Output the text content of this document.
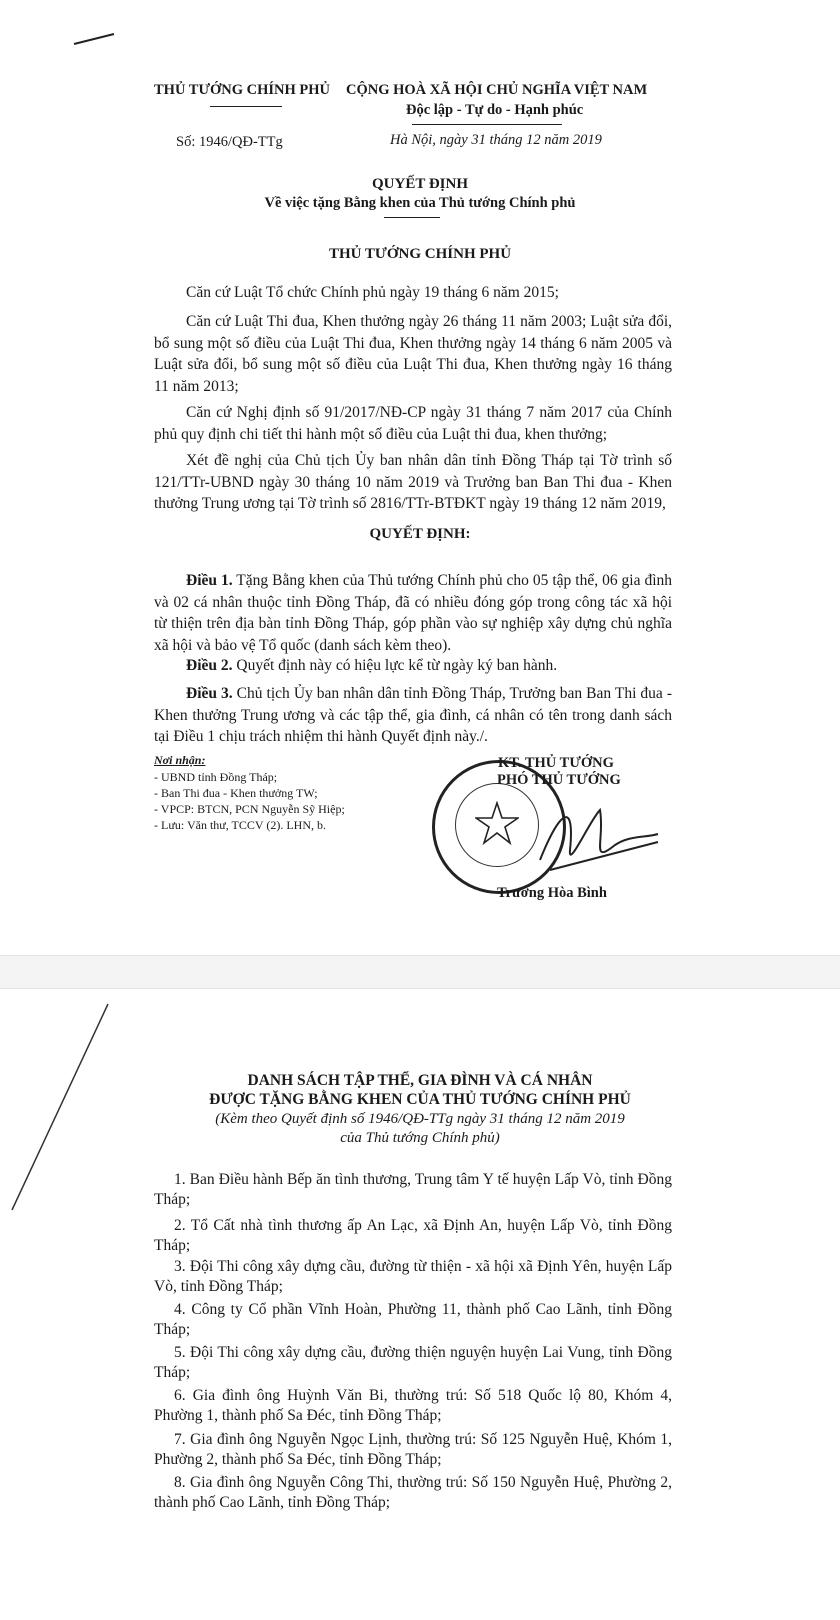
THỦ TƯỚNG CHÍNH PHỦ CỘNG HOÀ XÃ HỘI CHỦ NGHĨA VIỆT NAM
Độc lập - Tự do - Hạnh phúc
Số: 1946/QĐ-TTg	Hà Nội, ngày 31 tháng 12 năm 2019
QUYẾT ĐỊNH
Về việc tặng Bằng khen của Thủ tướng Chính phủ
THỦ TƯỚNG CHÍNH PHỦ
Căn cứ Luật Tổ chức Chính phủ ngày 19 tháng 6 năm 2015;
Căn cứ Luật Thi đua, Khen thưởng ngày 26 tháng 11 năm 2003; Luật sửa đổi, bổ sung một số điều của Luật Thi đua, Khen thưởng ngày 14 tháng 6 năm 2005 và Luật sửa đổi, bổ sung một số điều của Luật Thi đua, Khen thưởng ngày 16 tháng 11 năm 2013;
Căn cứ Nghị định số 91/2017/NĐ-CP ngày 31 tháng 7 năm 2017 của Chính phủ quy định chi tiết thi hành một số điều của Luật thi đua, khen thưởng;
Xét đề nghị của Chủ tịch Ủy ban nhân dân tỉnh Đồng Tháp tại Tờ trình số 121/TTr-UBND ngày 30 tháng 10 năm 2019 và Trưởng ban Ban Thi đua - Khen thưởng Trung ương tại Tờ trình số 2816/TTr-BTĐKT ngày 19 tháng 12 năm 2019,
QUYẾT ĐỊNH:
Điều 1. Tặng Bằng khen của Thủ tướng Chính phủ cho 05 tập thể, 06 gia đình và 02 cá nhân thuộc tỉnh Đồng Tháp, đã có nhiều đóng góp trong công tác xã hội từ thiện trên địa bàn tỉnh Đồng Tháp, góp phần vào sự nghiệp xây dựng chủ nghĩa xã hội và bảo vệ Tổ quốc (danh sách kèm theo).
Điều 2. Quyết định này có hiệu lực kể từ ngày ký ban hành.
Điều 3. Chủ tịch Ủy ban nhân dân tỉnh Đồng Tháp, Trưởng ban Ban Thi đua - Khen thưởng Trung ương và các tập thể, gia đình, cá nhân có tên trong danh sách tại Điều 1 chịu trách nhiệm thi hành Quyết định này./.
Nơi nhận:
- UBND tỉnh Đồng Tháp;
- Ban Thi đua - Khen thưởng TW;
- VPCP: BTCN, PCN Nguyễn Sỹ Hiệp;
- Lưu: Văn thư, TCCV (2). LHN, b.
KT. THỦ TƯỚNG
PHÓ THỦ TƯỚNG
Trương Hòa Bình
DANH SÁCH TẬP THỂ, GIA ĐÌNH VÀ CÁ NHÂN
ĐƯỢC TẶNG BẰNG KHEN CỦA THỦ TƯỚNG CHÍNH PHỦ
(Kèm theo Quyết định số 1946/QĐ-TTg ngày 31 tháng 12 năm 2019
của Thủ tướng Chính phủ)
1. Ban Điều hành Bếp ăn tình thương, Trung tâm Y tế huyện Lấp Vò, tỉnh Đồng Tháp;
2. Tổ Cất nhà tình thương ấp An Lạc, xã Định An, huyện Lấp Vò, tỉnh Đồng Tháp;
3. Đội Thi công xây dựng cầu, đường từ thiện - xã hội xã Định Yên, huyện Lấp Vò, tỉnh Đồng Tháp;
4. Công ty Cổ phần Vĩnh Hoàn, Phường 11, thành phố Cao Lãnh, tỉnh Đồng Tháp;
5. Đội Thi công xây dựng cầu, đường thiện nguyện huyện Lai Vung, tỉnh Đồng Tháp;
6. Gia đình ông Huỳnh Văn Bi, thường trú: Số 518 Quốc lộ 80, Khóm 4, Phường 1, thành phố Sa Đéc, tỉnh Đồng Tháp;
7. Gia đình ông Nguyễn Ngọc Lịnh, thường trú: Số 125 Nguyễn Huệ, Khóm 1, Phường 2, thành phố Sa Đéc, tỉnh Đồng Tháp;
8. Gia đình ông Nguyễn Công Thi, thường trú: Số 150 Nguyễn Huệ, Phường 2, thành phố Cao Lãnh, tỉnh Đồng Tháp;
